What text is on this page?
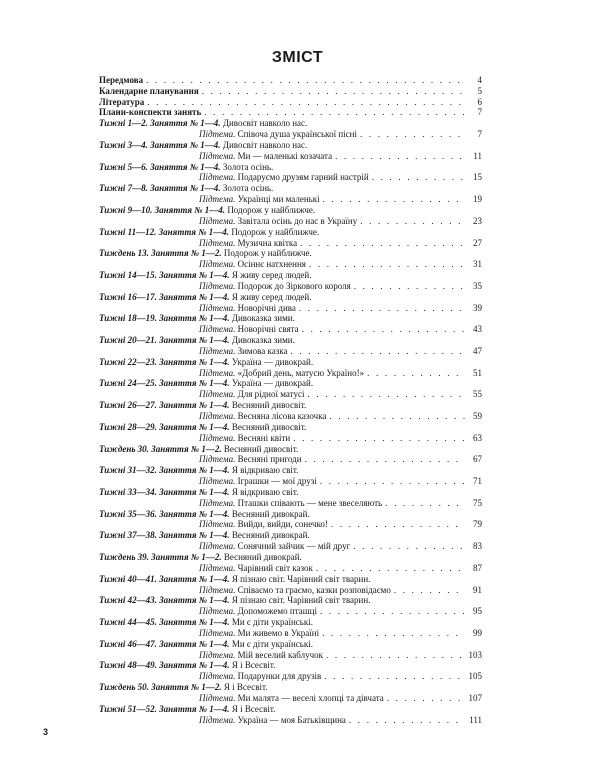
ЗМІСТ
Передмова . . .	4
Календарне планування . . .	5
Література . . .	6
Плани-конспекти занять . . .	7
Тижні 1—2. Заняття № 1—4. Дивосвіт навколо нас.
Підтема. Співоча душа української пісні . . .	7
Тижні 3—4. Заняття № 1—4. Дивосвіт навколо нас.
Підтема. Ми — маленькі козачата . . .	11
Тижні 5—6. Заняття № 1—4. Золота осінь.
Підтема. Подаруємо друзям гарний настрій . . .	15
Тижні 7—8. Заняття № 1—4. Золота осінь.
Підтема. Українці ми маленькі . . .	19
Тижні 9—10. Заняття № 1—4. Подорож у найближче.
Підтема. Завітала осінь до нас в Україну . . .	23
Тижні 11—12. Заняття № 1—4. Подорож у найближче.
Підтема. Музична квітка . . .	27
Тиждень 13. Заняття № 1—2. Подорож у найближче.
Підтема. Осіннє натхнення . . .	31
Тижні 14—15. Заняття № 1—4. Я живу серед людей.
Підтема. Подорож до Зіркового короля . . .	35
Тижні 16—17. Заняття № 1—4. Я живу серед людей.
Підтема. Новорічні дива . . .	39
Тижні 18—19. Заняття № 1—4. Дивоказка зими.
Підтема. Новорічні свята . . .	43
Тижні 20—21. Заняття № 1—4. Дивоказка зими.
Підтема. Зимова казка . . .	47
Тижні 22—23. Заняття № 1—4. Україна — дивокрай.
Підтема. «Добрий день, матусю Україно!» . . .	51
Тижні 24—25. Заняття № 1—4. Україна — дивокрай.
Підтема. Для рідної матусі . . .	55
Тижні 26—27. Заняття № 1—4. Весняний дивосвіт.
Підтема. Весняна лісова казочка . . .	59
Тижні 28—29. Заняття № 1—4. Весняний дивосвіт.
Підтема. Весняні квіти . . .	63
Тиждень 30. Заняття № 1—2. Весняний дивосвіт.
Підтема. Весняні пригоди . . .	67
Тижні 31—32. Заняття № 1—4. Я відкриваю світ.
Підтема. Іграшки — мої друзі . . .	71
Тижні 33—34. Заняття № 1—4. Я відкриваю світ.
Підтема. Пташки співають — мене звеселяють . . .	75
Тижні 35—36. Заняття № 1—4. Весняний дивокрай.
Підтема. Вийди, вийди, сонечко! . . .	79
Тижні 37—38. Заняття № 1—4. Весняний дивокрай.
Підтема. Сонячний зайчик — мій друг . . .	83
Тиждень 39. Заняття № 1—2. Весняний дивокрай.
Підтема. Чарівний світ казок . . .	87
Тижні 40—41. Заняття № 1—4. Я пізнаю світ. Чарівний світ тварин.
Підтема. Співаємо та граємо, казки розповідаємо . . .	91
Тижні 42—43. Заняття № 1—4. Я пізнаю світ. Чарівний світ тварин.
Підтема. Допоможемо пташці . . .	95
Тижні 44—45. Заняття № 1—4. Ми є діти українські.
Підтема. Ми живемо в Україні . . .	99
Тижні 46—47. Заняття № 1—4. Ми є діти українські.
Підтема. Мій веселий каблучок . . .	103
Тижні 48—49. Заняття № 1—4. Я і Всесвіт.
Підтема. Подарунки для друзів . . .	105
Тиждень 50. Заняття № 1—2. Я і Всесвіт.
Підтема. Ми малята — веселі хлопці та дівчата . . .	107
Тижні 51—52. Заняття № 1—4. Я і Всесвіт.
Підтема. Україна — моя Батьківщина . . .	111
3
